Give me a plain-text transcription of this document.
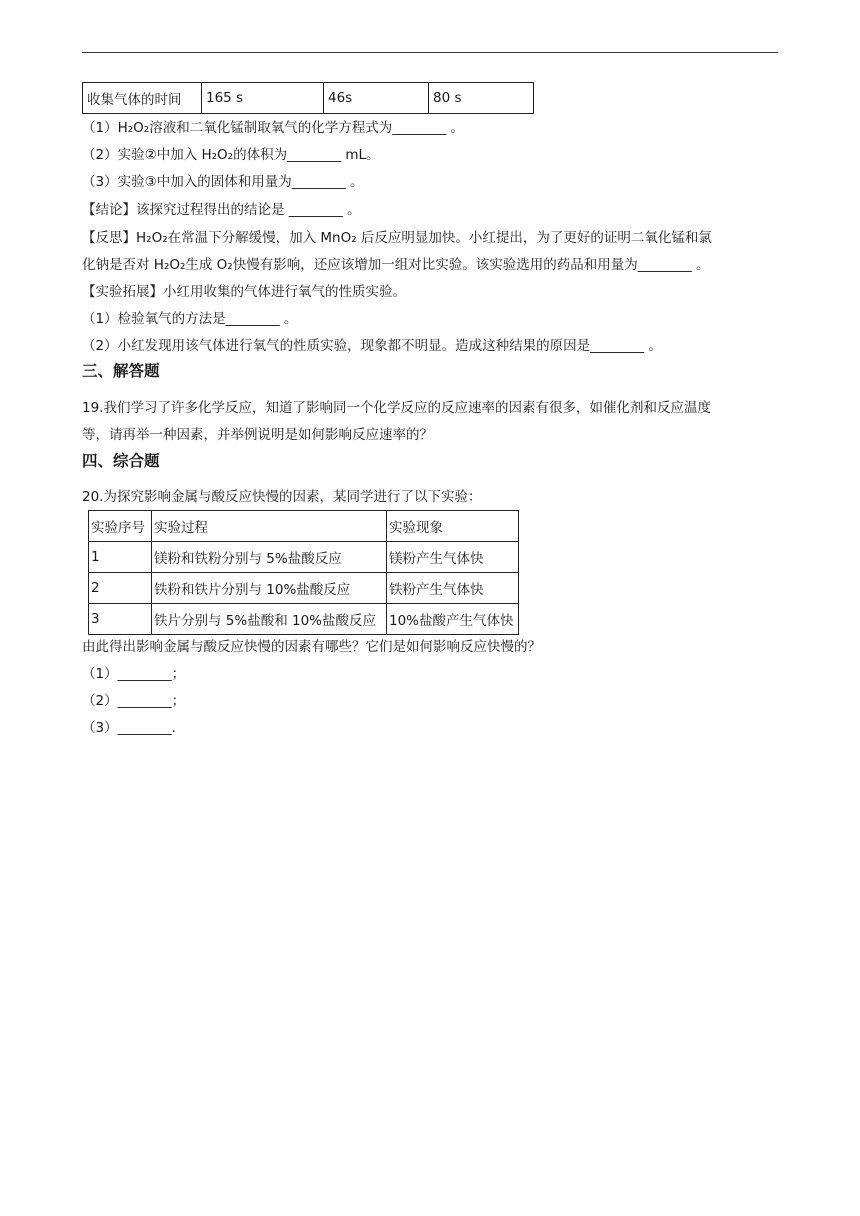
收集气体的时间	165 s	46s	80 s
（1）H₂O₂溶液和二氧化锰制取氧气的化学方程式为________ 。
（2）实验②中加入 H₂O₂的体积为________ mL。
（3）实验③中加入的固体和用量为________ 。
【结论】该探究过程得出的结论是 ________ 。
【反思】H₂O₂在常温下分解缓慢，加入 MnO₂ 后反应明显加快。小红提出，为了更好的证明二氧化锰和氯
化钠是否对 H₂O₂生成 O₂快慢有影响，还应该增加一组对比实验。该实验选用的药品和用量为________ 。
【实验拓展】小红用收集的气体进行氧气的性质实验。
（1）检验氧气的方法是________ 。
（2）小红发现用该气体进行氧气的性质实验，现象都不明显。造成这种结果的原因是________ 。
三、解答题
19.我们学习了许多化学反应，知道了影响同一个化学反应的反应速率的因素有很多，如催化剂和反应温度
等，请再举一种因素，并举例说明是如何影响反应速率的？
四、综合题
20.为探究影响金属与酸反应快慢的因素，某同学进行了以下实验：
实验序号	实验过程	实验现象
1	镁粉和铁粉分别与 5%盐酸反应	镁粉产生气体快
2	铁粉和铁片分别与 10%盐酸反应	铁粉产生气体快
3	铁片分别与 5%盐酸和 10%盐酸反应	10%盐酸产生气体快
由此得出影响金属与酸反应快慢的因素有哪些？它们是如何影响反应快慢的？
（1）________；
（2）________；
（3）________.
